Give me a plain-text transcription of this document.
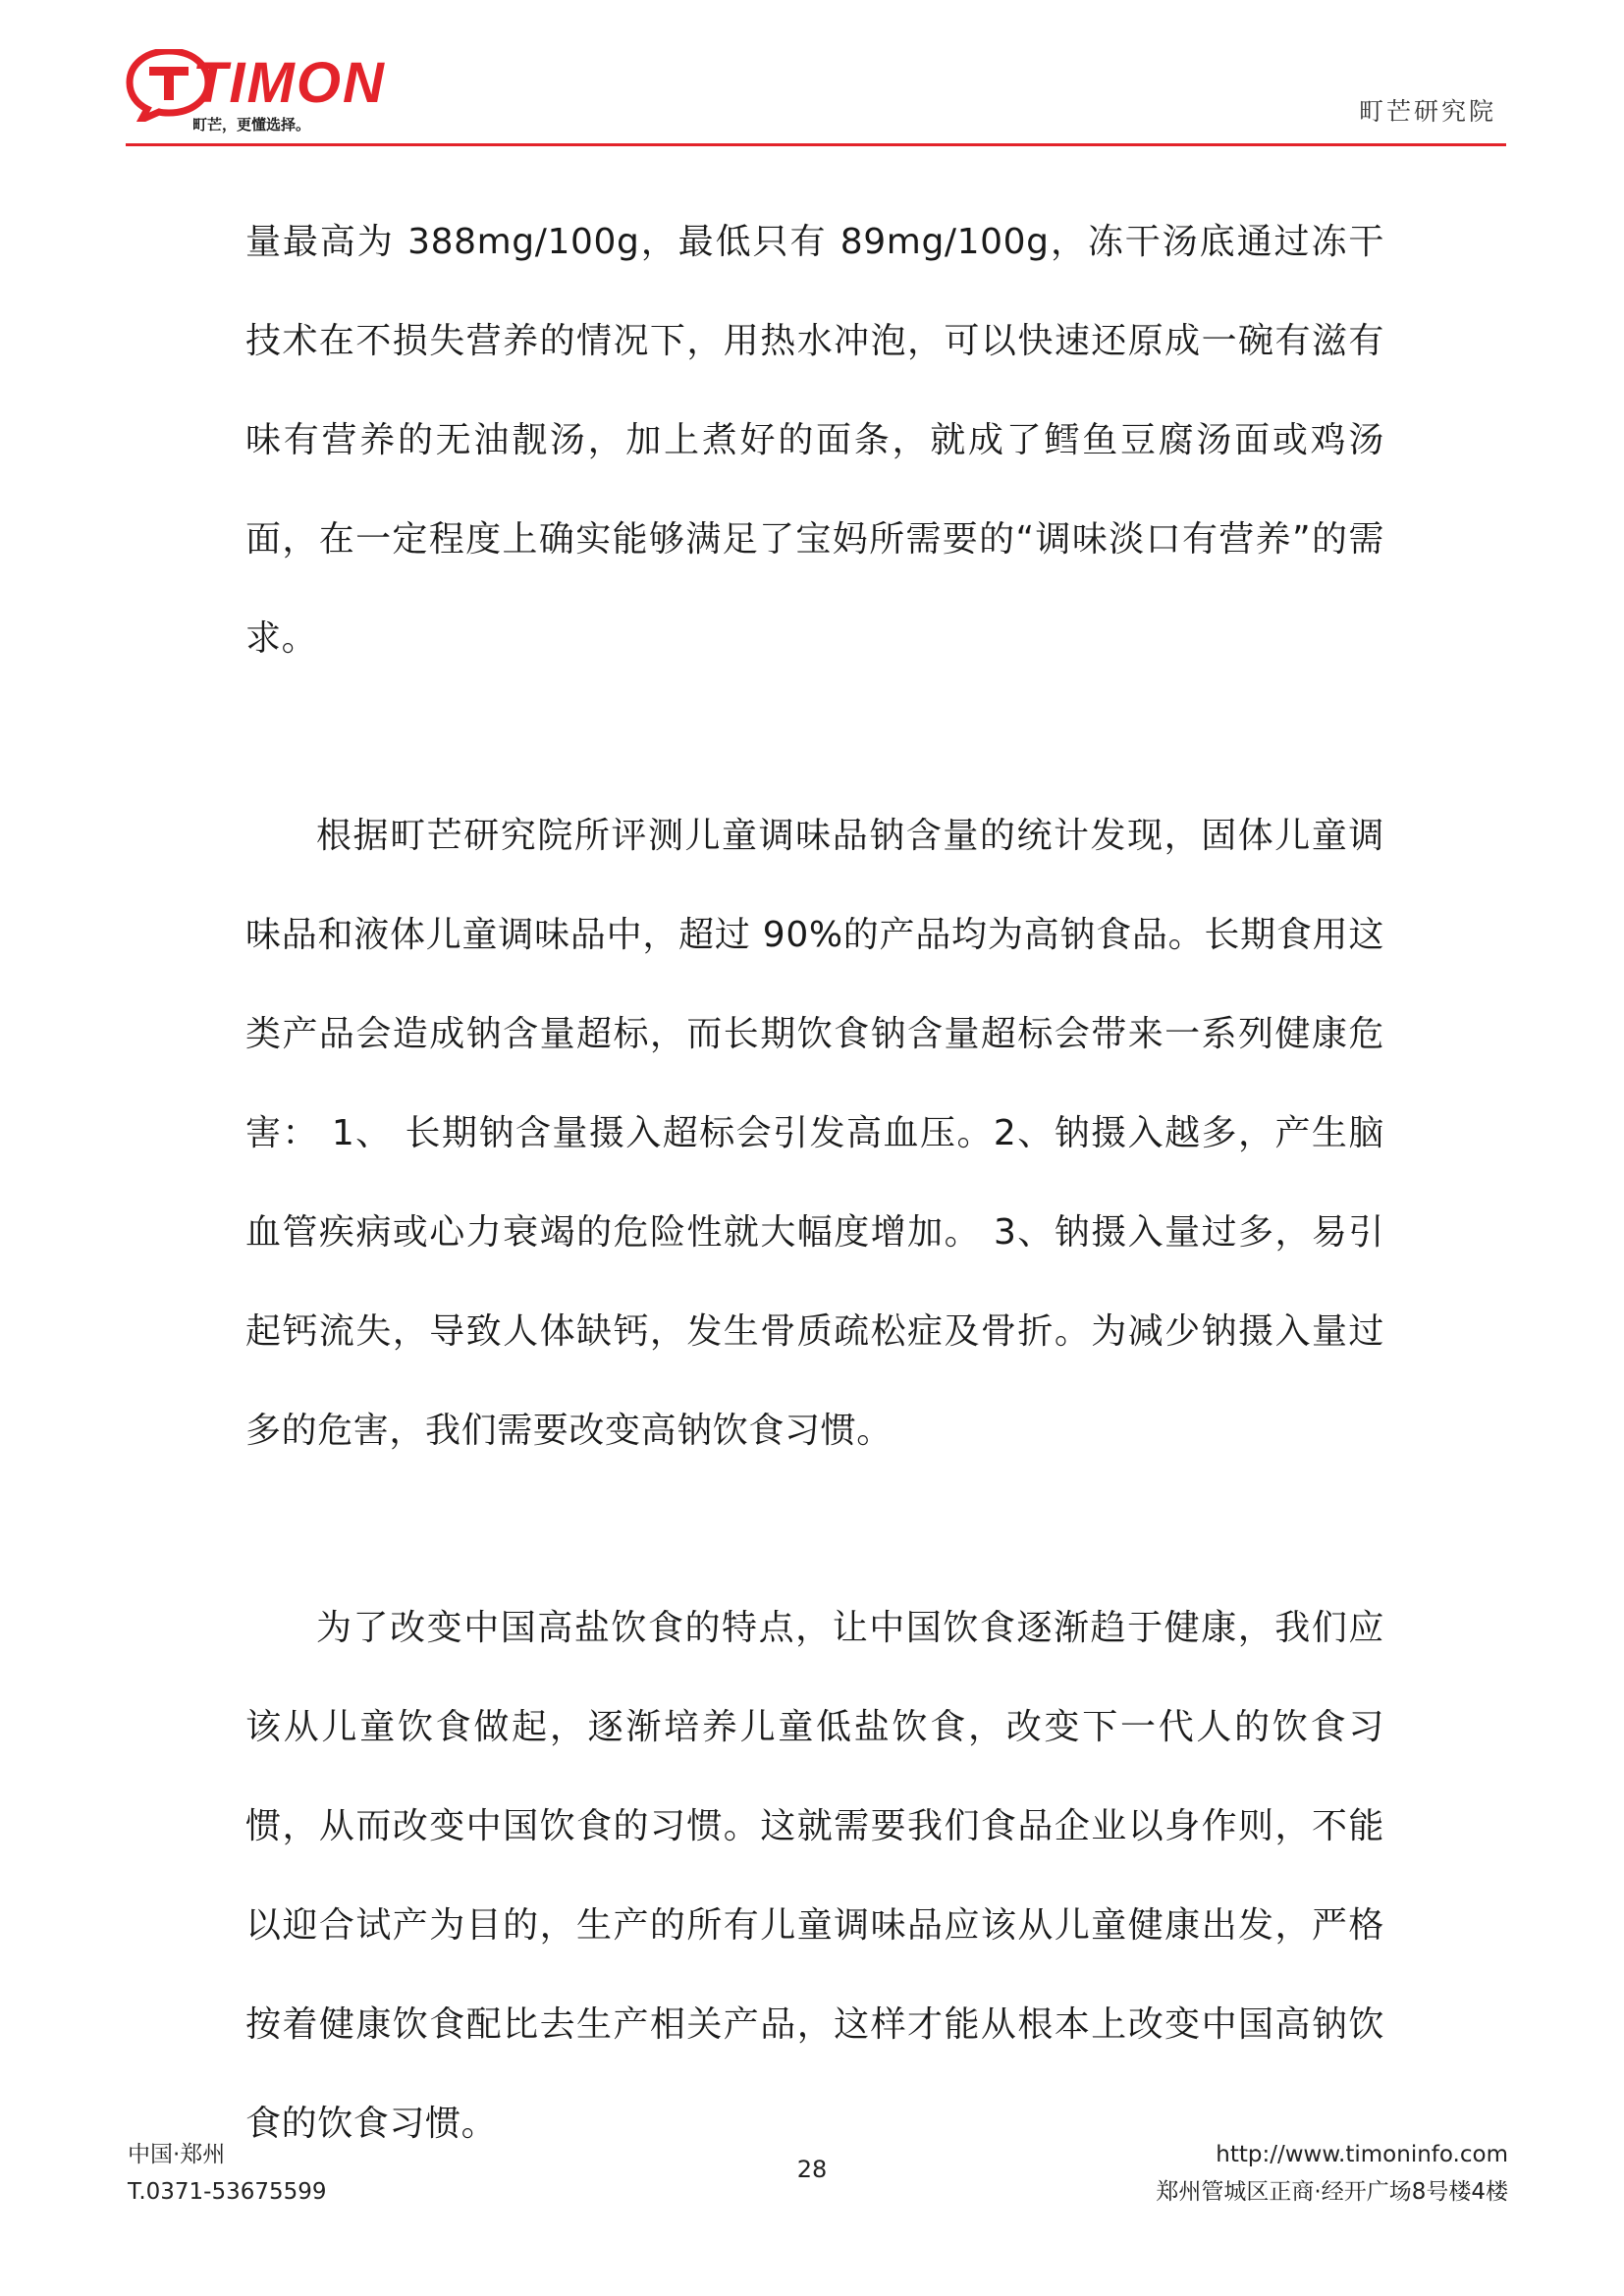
TIMON
町芒，更懂选择。	町芒研究院

量最高为 388mg/100g，最低只有 89mg/100g，冻干汤底通过冻干技术在不损失营养的情况下，用热水冲泡，可以快速还原成一碗有滋有味有营养的无油靓汤，加上煮好的面条，就成了鳕鱼豆腐汤面或鸡汤面，在一定程度上确实能够满足了宝妈所需要的“调味淡口有营养”的需求。

根据町芒研究院所评测儿童调味品钠含量的统计发现，固体儿童调味品和液体儿童调味品中，超过 90%的产品均为高钠食品。长期食用这类产品会造成钠含量超标，而长期饮食钠含量超标会带来一系列健康危害： 1、 长期钠含量摄入超标会引发高血压。2、钠摄入越多，产生脑血管疾病或心力衰竭的危险性就大幅度增加。 3、钠摄入量过多，易引起钙流失，导致人体缺钙，发生骨质疏松症及骨折。为减少钠摄入量过多的危害，我们需要改变高钠饮食习惯。

为了改变中国高盐饮食的特点，让中国饮食逐渐趋于健康，我们应该从儿童饮食做起，逐渐培养儿童低盐饮食，改变下一代人的饮食习惯，从而改变中国饮食的习惯。这就需要我们食品企业以身作则，不能以迎合试产为目的，生产的所有儿童调味品应该从儿童健康出发，严格按着健康饮食配比去生产相关产品，这样才能从根本上改变中国高钠饮食的饮食习惯。

中国·郑州
T.0371-53675599
28
http://www.timoninfo.com
郑州管城区正商·经开广场8号楼4楼
